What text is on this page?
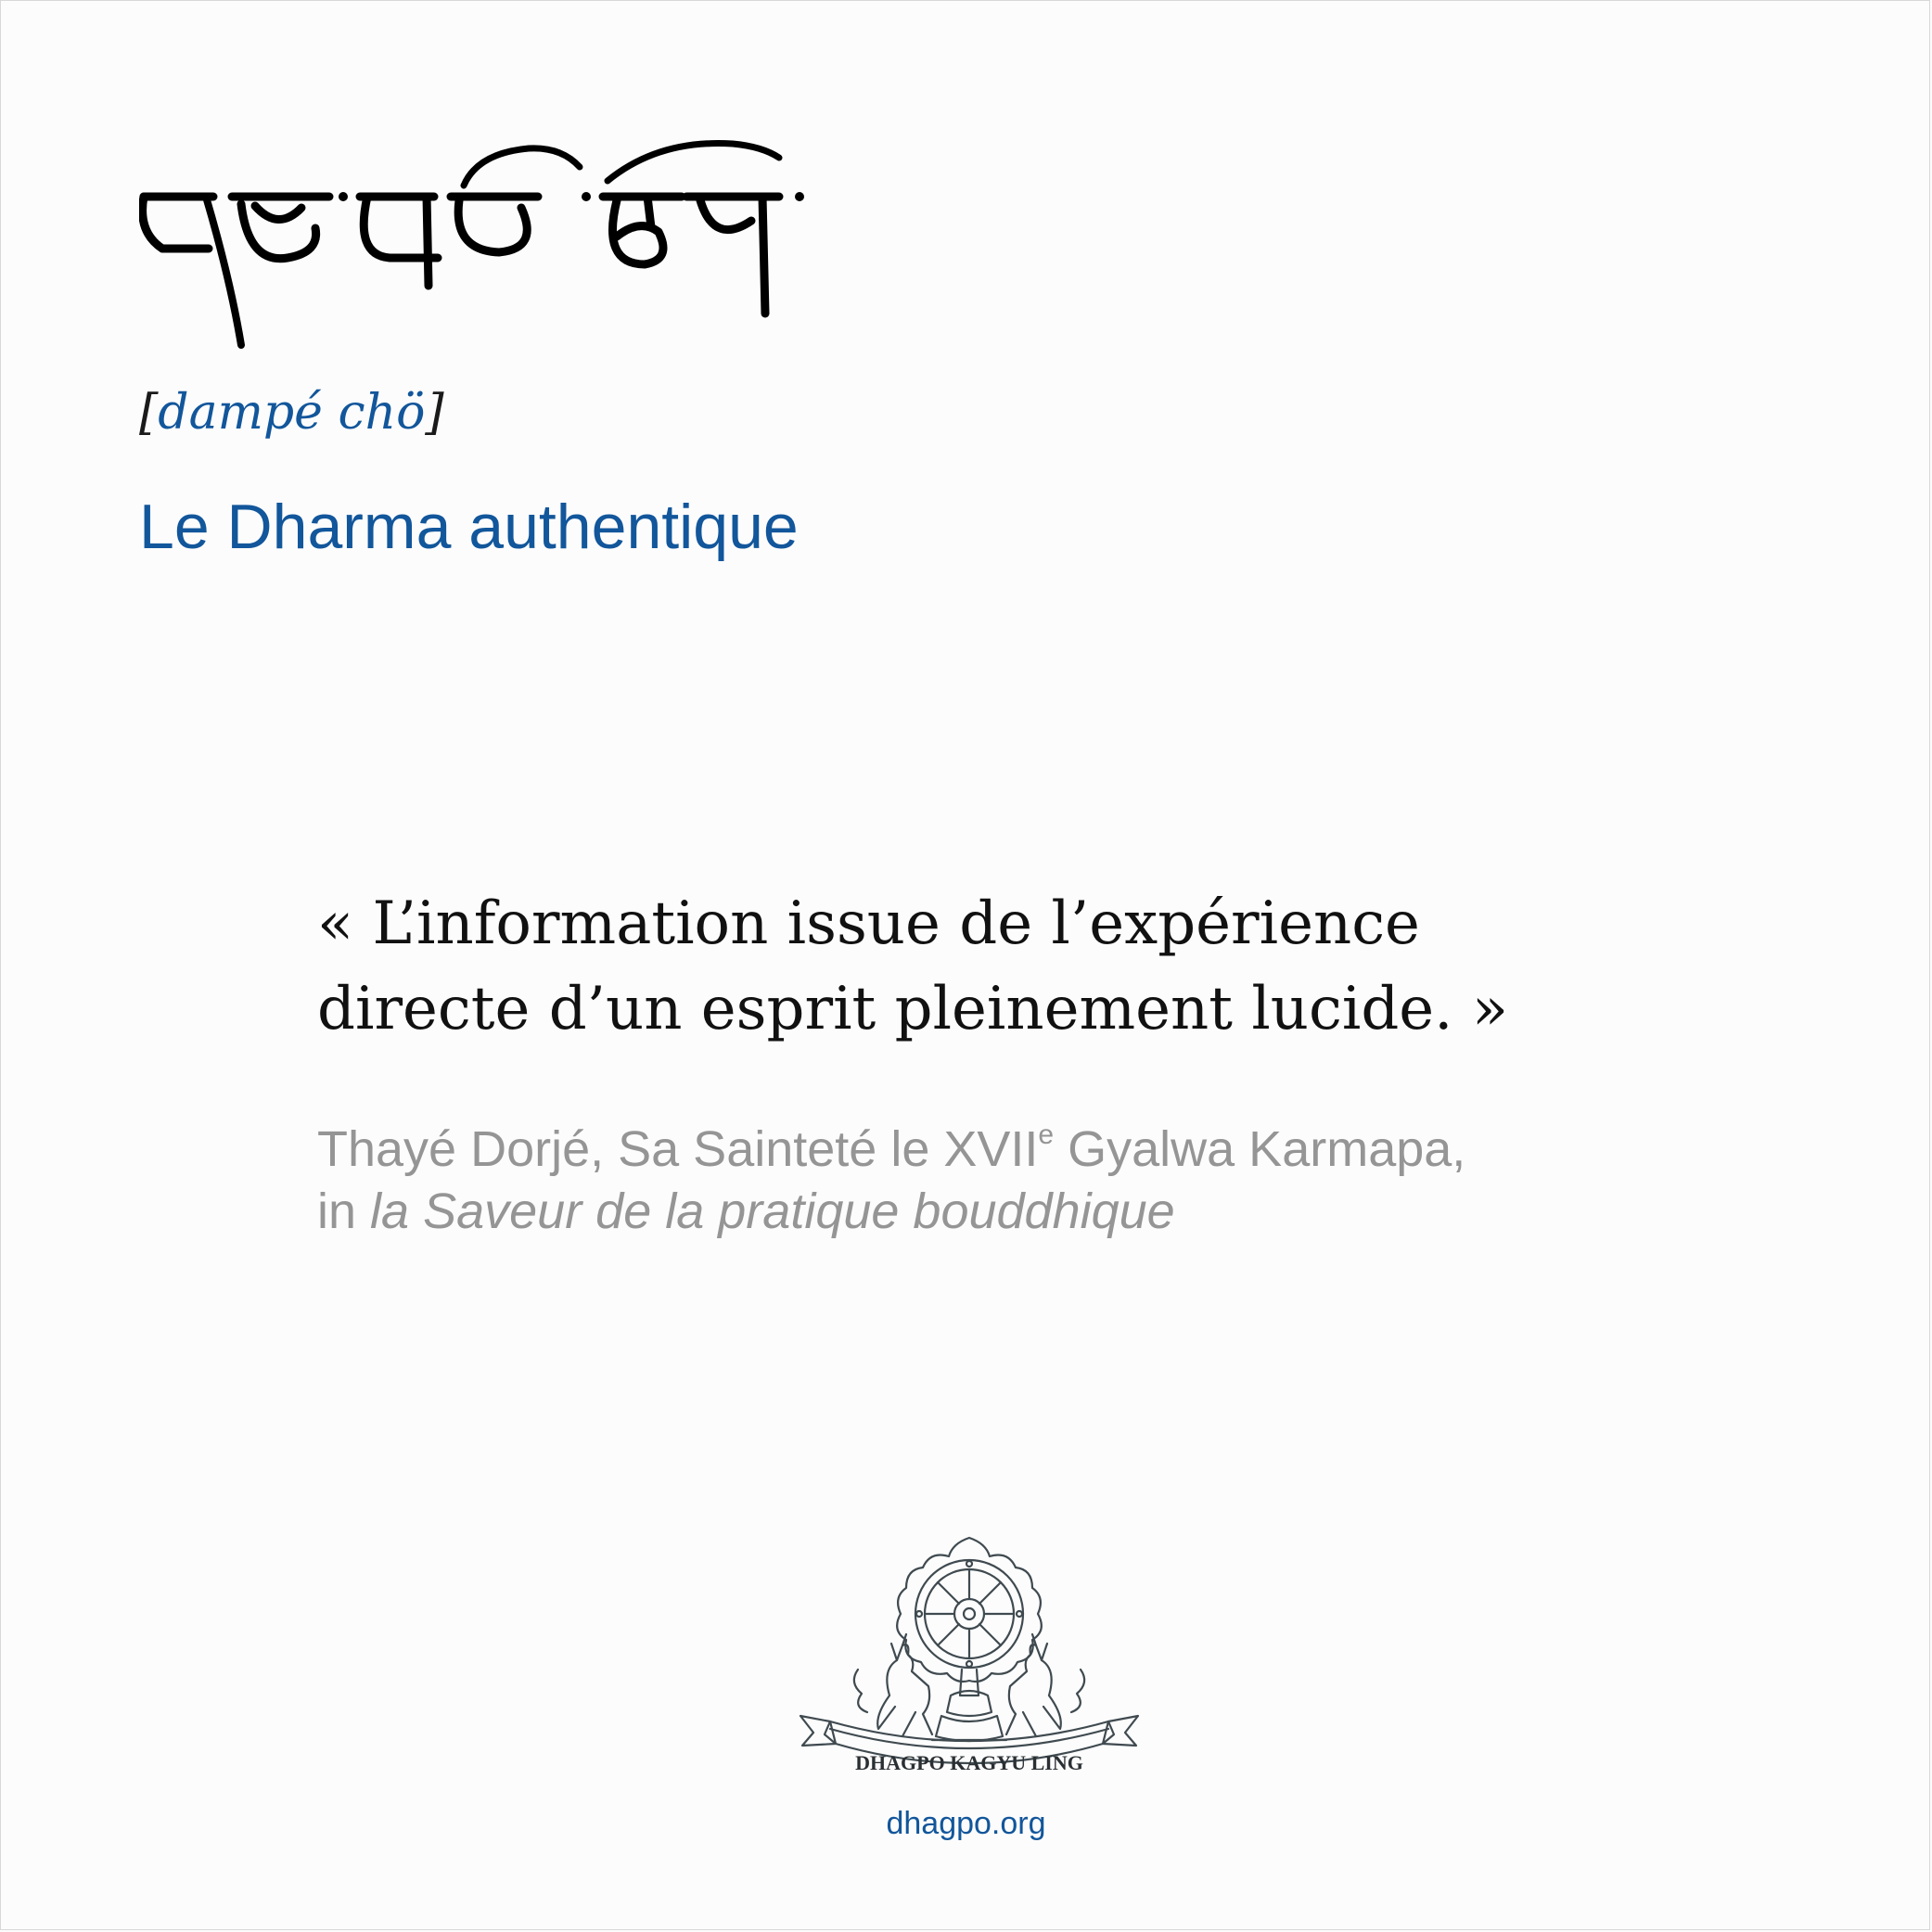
[dampé chö]
Le Dharma authentique
« L’information issue de l’expérience
directe d’un esprit pleinement lucide. »
Thayé Dorjé, Sa Sainteté le XVIIe Gyalwa Karmapa,
in la Saveur de la pratique bouddhique
DHAGPO KAGYU LING
dhagpo.org
